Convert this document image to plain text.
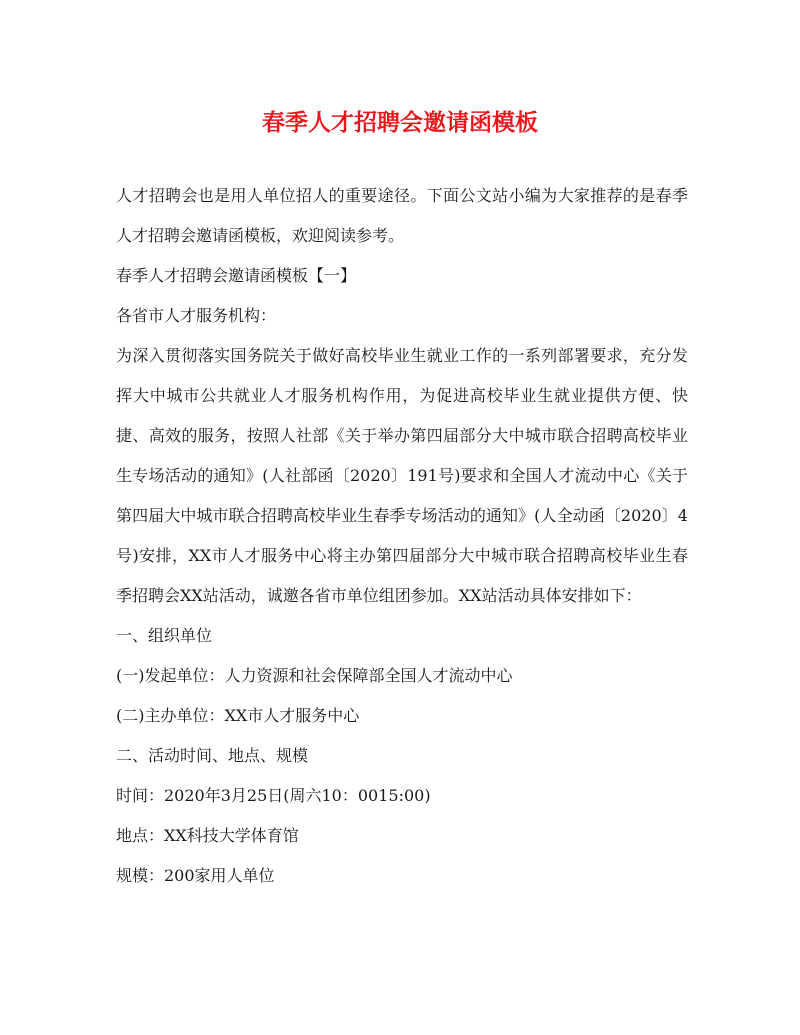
春季人才招聘会邀请函模板

人才招聘会也是用人单位招人的重要途径。下面公文站小编为大家推荐的是春季人才招聘会邀请函模板，欢迎阅读参考。

春季人才招聘会邀请函模板【一】

各省市人才服务机构：

为深入贯彻落实国务院关于做好高校毕业生就业工作的一系列部署要求，充分发挥大中城市公共就业人才服务机构作用，为促进高校毕业生就业提供方便、快捷、高效的服务，按照人社部《关于举办第四届部分大中城市联合招聘高校毕业生专场活动的通知》(人社部函〔2020〕191号)要求和全国人才流动中心《关于第四届大中城市联合招聘高校毕业生春季专场活动的通知》(人全动函〔2020〕4号)安排，XX市人才服务中心将主办第四届部分大中城市联合招聘高校毕业生春季招聘会XX站活动，诚邀各省市单位组团参加。XX站活动具体安排如下：

一、组织单位

(一)发起单位：人力资源和社会保障部全国人才流动中心

(二)主办单位：XX市人才服务中心

二、活动时间、地点、规模

时间：2020年3月25日(周六10：0015:00)

地点：XX科技大学体育馆

规模：200家用人单位
